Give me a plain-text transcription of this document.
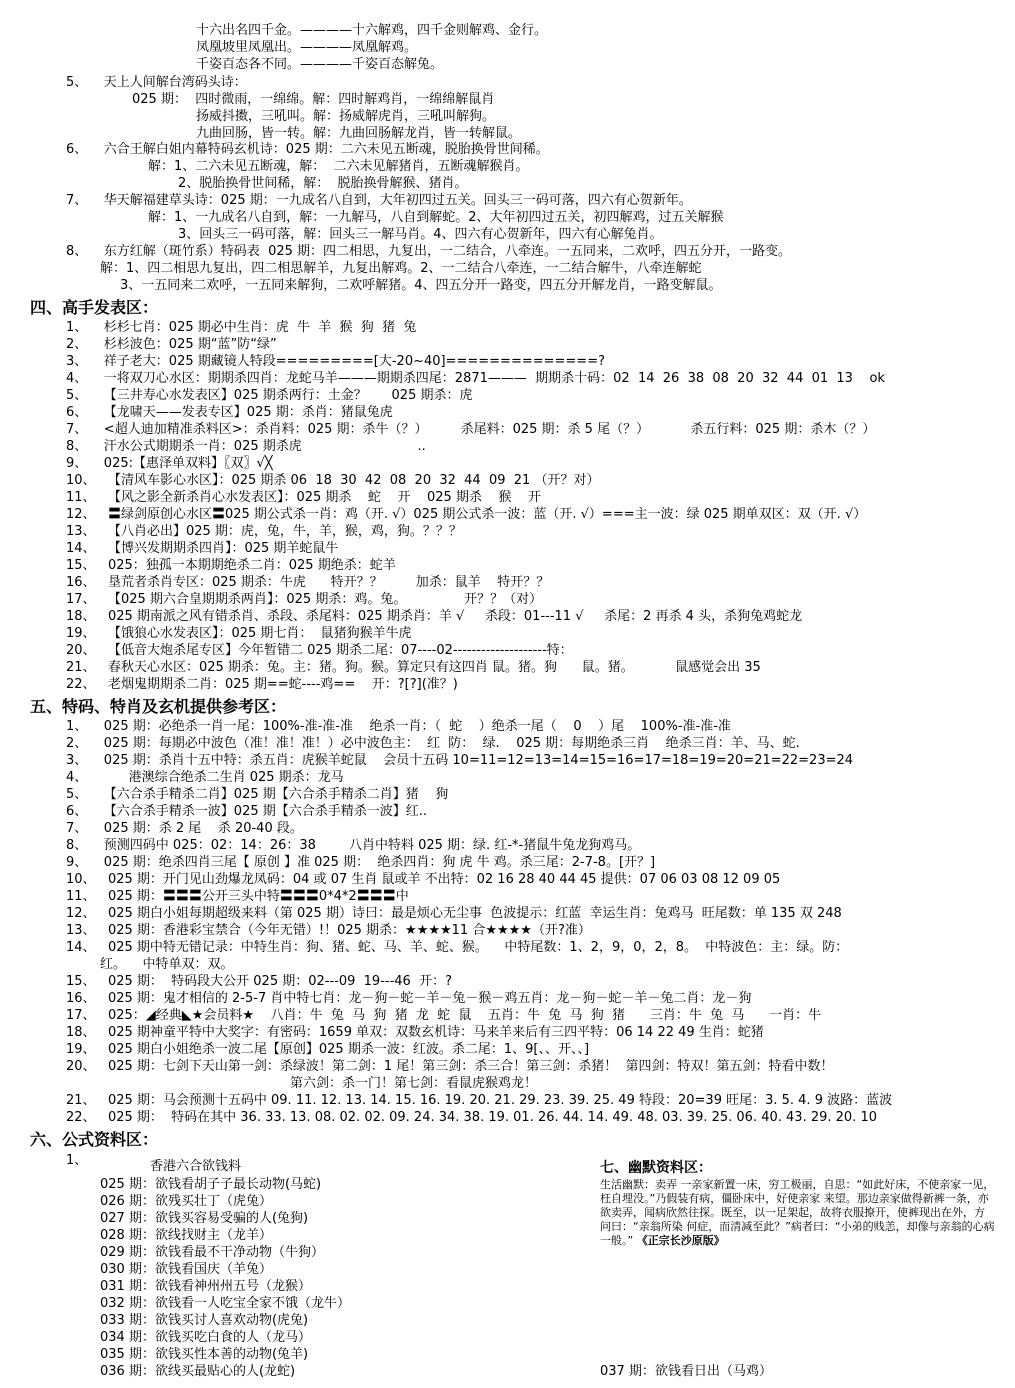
十六出名四千金。————十六解鸡，四千金则解鸡、金行。
凤凰坡里凤凰出。————凤凰解鸡。
千姿百态各不同。————千姿百态解兔。
5、    天上人间解台湾码头诗：
025 期：  四时微雨，一绵绵。解：四时解鸡肖，一绵绵解鼠肖
扬威抖擞，三吼叫。解：扬威解虎肖，三吼叫解狗。
九曲回肠，皆一转。解：九曲回肠解龙肖，皆一转解鼠。
6、    六合王解白姐内幕特码玄机诗：025 期：二六未见五断魂，脱胎换骨世间稀。
解：1、二六未见五断魂，解：  二六未见解猪肖，五断魂解猴肖。
2、脱胎换骨世间稀，解：  脱胎换骨解猴、猪肖。
7、    华天解福建草头诗：025 期：一九成名八自到，大年初四过五关。回头三一码可落，四六有心贺新年。
解：1、一九成名八自到，解：一九解马，八自到解蛇。2、大年初四过五关，初四解鸡，过五关解猴
3、回头三一码可落，解：回头三一解马肖。4、四六有心贺新年，四六有心解兔肖。
8、    东方红解（斑竹系）特码表  025 期：四二相思，九复出，一二结合，八牵连。一五同来，二欢呼，四五分开，一路变。
解：1、四二相思九复出，四二相思解羊，九复出解鸡。2、一二结合八牵连，一二结合解牛，八牵连解蛇
3、一五同来二欢呼，一五同来解狗，二欢呼解猪。4、四五分开一路变，四五分开解龙肖，一路变解鼠。
四、高手发表区：
1、    杉杉七肖：025 期必中生肖：虎  牛  羊  猴  狗  猪  兔
2、    杉杉波色：025 期“蓝”防“绿”
3、    祥子老大：025 期藏镜人特段=========[大-20~40]==============?
4、    一将双刀心水区：期期杀四肖：龙蛇马羊———期期杀四尾：2871———  期期杀十码：02  14  26  38  08  20  32  44  01  13    ok
5、    【三井寿心水发表区】025 期杀两行：土金？      025 期杀：虎
6、    【龙啸天——发表专区】025 期：杀肖：猪鼠兔虎
7、    <超人迪加精准杀料区>：杀肖料：025 期：杀牛（？）        杀尾料：025 期：杀 5 尾（？）          杀五行料：025 期：杀木（？）
8、    汗水公式期期杀一肖：025 期杀虎                            ..
9、    025:【惠泽单双料】〖双〗√╳
10、   【清风车影心水区】：025 期杀 06  18  30  42  08  20  32  44  09  21 （开？对）
11、   【风之影全新杀肖心水发表区】：025 期杀    蛇    开    025 期杀    猴    开
12、   〓绿剑原创心水区〓025 期公式杀一肖：鸡（开. √）025 期公式杀一波：蓝（开. √）===主一波：绿 025 期单双区：双（开. √）
13、   【八肖必出】025 期：虎，兔，牛，羊，猴，鸡，狗。？？？
14、   【博兴发期期杀四肖】：025 期羊蛇鼠牛
15、   025：独孤一本期期绝杀二肖：025 期绝杀：蛇羊
16、   垦荒者杀肖专区：025 期杀：牛虎      特开？？        加杀：鼠羊    特开？？
17、   【025 期六合皇期期杀两肖】：025 期杀：鸡。兔。              开？？（对）
18、   025 期南派之风有错杀肖、杀段、杀尾料：025 期杀肖：羊 √     杀段：01---11 √     杀尾：2 再杀 4 头，杀狗兔鸡蛇龙
19、   【饿狼心水发表区】：025 期七肖：  鼠猪狗猴羊牛虎
20、   【低音大炮杀尾专区】今年暂错二 025 期杀二尾：07----02--------------------特：
21、   春秋天心水区：025 期杀：兔。主：猪。狗。猴。算定只有这四肖 鼠。猪。狗      鼠。猪。          鼠感觉会出 35
22、   老烟鬼期期杀二肖：025 期==蛇----鸡==    开：?[?](准？)
五、特码、特肖及玄机提供参考区：
1、    025 期：必绝杀一肖一尾：100%-准-准-准    绝杀一肖：（  蛇    ）绝杀一尾（    0    ）尾    100%-准-准-准
2、    025 期：每期必中波色（准！准！准！）必中波色主：  红  防：  绿.    025 期：每期绝杀三肖    绝杀三肖：羊、马、蛇.
3、    025 期：杀肖十五中特：杀五肖：虎猴羊蛇鼠    会员十五码 10=11=12=13=14=15=16=17=18=19=20=21=22=23=24
4、          港澳综合绝杀二生肖 025 期杀：龙马
5、    【六合杀手精杀二肖】025 期【六合杀手精杀二肖】猪    狗
6、    【六合杀手精杀一波】025 期【六合杀手精杀一波】红..
7、    025 期：杀 2 尾    杀 20-40 段。
8、    预测四码中 025：02：14：26：38        八肖中特料 025 期：绿. 红-*-猪鼠牛兔龙狗鸡马。
9、    025 期：绝杀四肖三尾【 原创 】准 025 期：  绝杀四肖：狗 虎 牛 鸡。杀三尾：2-7-8。[开？]
10、   025 期：开门见山劲爆龙凤码：04 或 07 生肖 鼠或羊 不出特：02 16 28 40 44 45 提供：07 06 03 08 12 09 05
11、   025 期：〓〓〓公开三头中特〓〓〓0*4*2〓〓〓中
12、   025 期白小姐每期超级来料（第 025 期）诗曰：最是烦心无尘事  色波提示：红蓝  幸运生肖：兔鸡马  旺尾数：单 135 双 248
13、   025 期：香港彩宝禁合（今年无错）!！025 期杀：★★★★11 合★★★★（开?准）
14、   025 期中特无错记录：中特生肖：狗、猪、蛇、马、羊、蛇、猴。    中特尾数：1、2，9，0，2，8。  中特波色：主：绿。防：
红。    中特单双：双。
15、   025 期：  特码段大公开 025 期：02---09  19---46  开：?
16、   025 期：鬼才相信的 2-5-7 肖中特七肖：龙－狗－蛇－羊－兔－猴－鸡五肖：龙－狗－蛇－羊－兔二肖：龙－狗
17、   025：◢经典◣★会员料★    八肖：牛  兔  马  狗  猪  龙  蛇  鼠    五肖：牛  兔  马  狗  猪      三肖：牛  兔  马      一肖：牛
18、   025 期神童平特中大奖字：有密码：1659 单双：双数玄机诗：马来羊来后有三四平特：06 14 22 49 生肖：蛇猪
19、   025 期白小姐绝杀一波二尾【原创】025 期杀一波：红波。杀二尾：1、9[、、开、、]
20、   025 期：七剑下天山第一剑：杀绿波！第二剑：1 尾！第三剑：杀三合！第三剑：杀猪！  第四剑：特双！第五剑：特看中数！
第六剑：杀一门！第七剑：看鼠虎猴鸡龙！
21、   025 期：马会预测十五码中 09. 11. 12. 13. 14. 15. 16. 19. 20. 21. 29. 23. 39. 25. 49 特段：20=39 旺尾：3. 5. 4. 9 波路：蓝波
22、   025 期：  特码在其中 36. 33. 13. 08. 02. 02. 09. 24. 34. 38. 19. 01. 26. 44. 14. 49. 48. 03. 39. 25. 06. 40. 43. 29. 20. 10
六、公式资料区：
1、	香港六合欲钱料
025 期：欲钱看胡子子最长动物(马蛇)
026 期：欲残买壮丁（虎兔）
027 期：欲钱买容易受骗的人(兔狗)
028 期：欲线找财主（龙羊）
029 期：欲钱看最不干净动物（牛狗）
030 期：欲钱看国庆（羊兔）
031 期：欲钱看神州州五号（龙猴）
032 期：欲钱看一人吃宝全家不饿（龙牛）
033 期：欲钱买讨人喜欢动物(虎兔)
034 期：欲钱买吃白食的人（龙马）
035 期：欲钱买性本善的动物(兔羊)
036 期：欲线买最贴心的人(龙蛇)	037 期：欲钱看日出（马鸡）
七、幽默资料区：
生活幽默：卖弄 一亲家新置一床，穷工极丽，自思：“如此好床，不使亲家一见，枉自埋没。”乃假装有病，僵卧床中，好使亲家 来望。那边亲家做得新裤一条，亦欲卖弄，闻病欣然往探。既至，以一足架起，故将衣服撩开，使裤现出在外，方问曰：“亲翁所染 何症，而清减至此？”病者曰：“小弟的贱恙，却像与亲翁的心病一般。” 《正宗长沙原版》
